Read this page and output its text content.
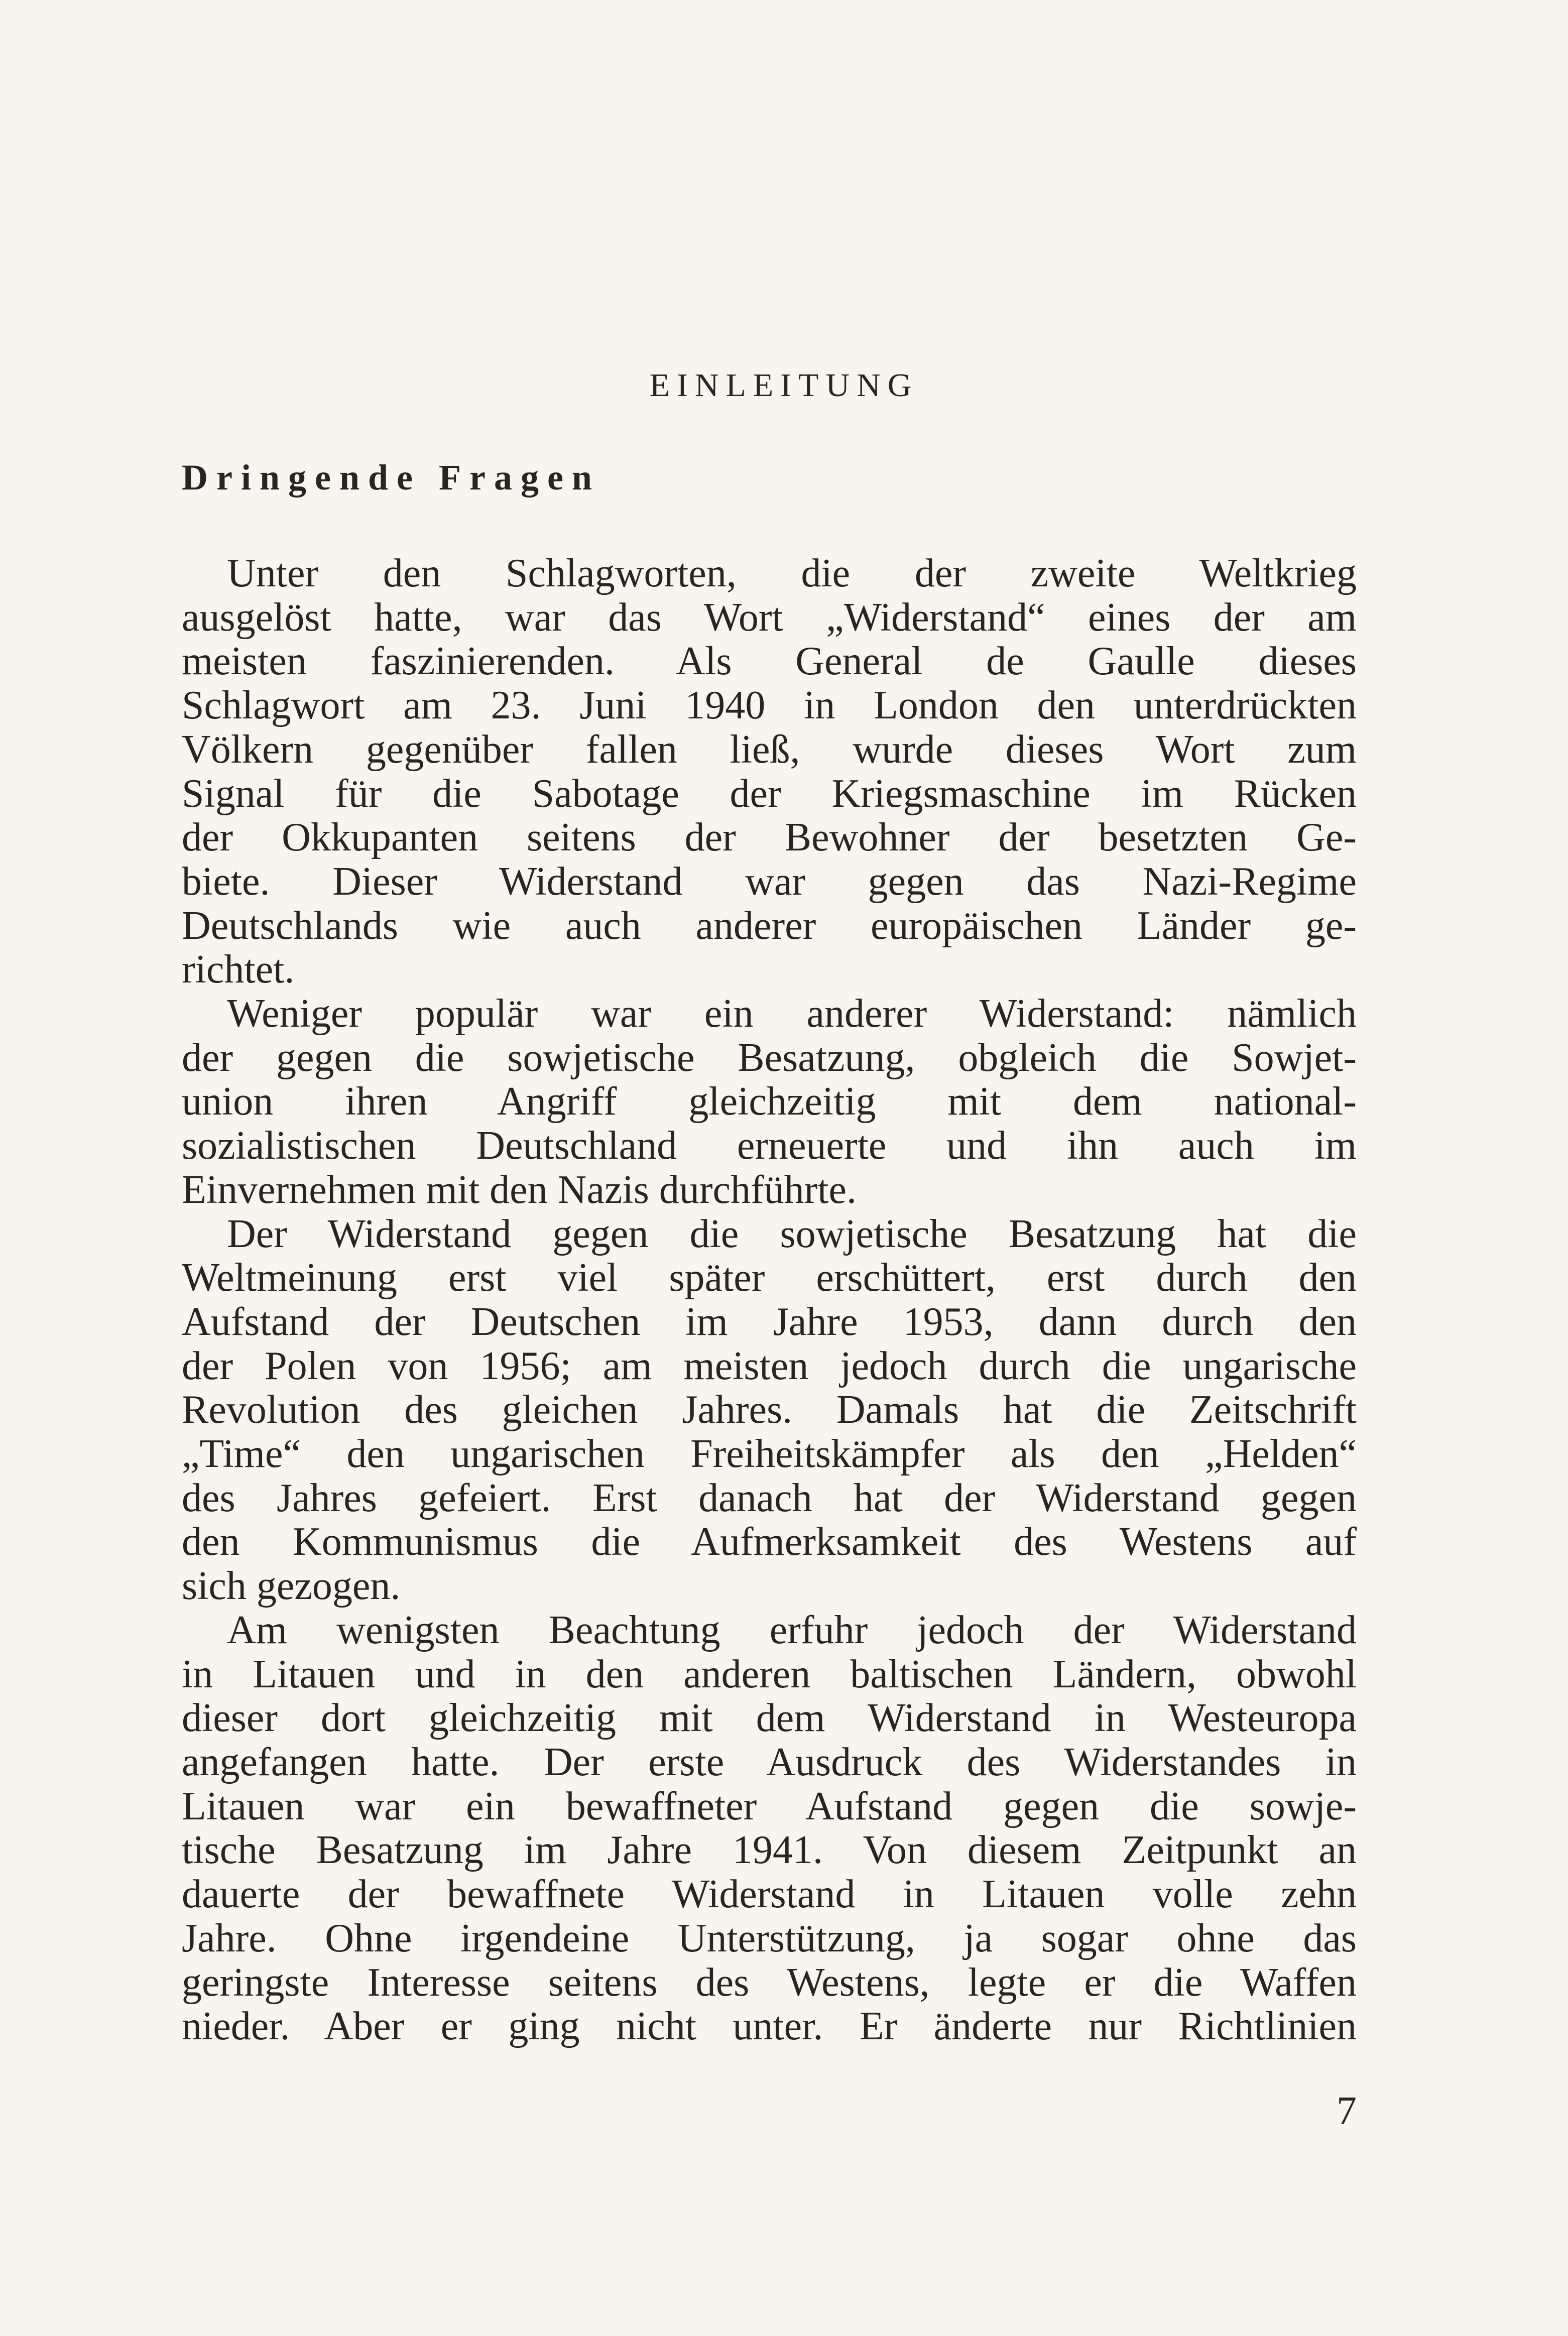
EINLEITUNG
Dringende Fragen
Unter den Schlagworten, die der zweite Weltkrieg
ausgelöst hatte, war das Wort „Widerstand“ eines der am
meisten faszinierenden. Als General de Gaulle dieses
Schlagwort am 23. Juni 1940 in London den unterdrückten
Völkern gegenüber fallen ließ, wurde dieses Wort zum
Signal für die Sabotage der Kriegsmaschine im Rücken
der Okkupanten seitens der Bewohner der besetzten Ge-
biete. Dieser Widerstand war gegen das Nazi-Regime
Deutschlands wie auch anderer europäischen Länder ge-
richtet.
Weniger populär war ein anderer Widerstand: nämlich
der gegen die sowjetische Besatzung, obgleich die Sowjet-
union ihren Angriff gleichzeitig mit dem national-
sozialistischen Deutschland erneuerte und ihn auch im
Einvernehmen mit den Nazis durchführte.
Der Widerstand gegen die sowjetische Besatzung hat die
Weltmeinung erst viel später erschüttert, erst durch den
Aufstand der Deutschen im Jahre 1953, dann durch den
der Polen von 1956; am meisten jedoch durch die ungarische
Revolution des gleichen Jahres. Damals hat die Zeitschrift
„Time“ den ungarischen Freiheitskämpfer als den „Helden“
des Jahres gefeiert. Erst danach hat der Widerstand gegen
den Kommunismus die Aufmerksamkeit des Westens auf
sich gezogen.
Am wenigsten Beachtung erfuhr jedoch der Widerstand
in Litauen und in den anderen baltischen Ländern, obwohl
dieser dort gleichzeitig mit dem Widerstand in Westeuropa
angefangen hatte. Der erste Ausdruck des Widerstandes in
Litauen war ein bewaffneter Aufstand gegen die sowje-
tische Besatzung im Jahre 1941. Von diesem Zeitpunkt an
dauerte der bewaffnete Widerstand in Litauen volle zehn
Jahre. Ohne irgendeine Unterstützung, ja sogar ohne das
geringste Interesse seitens des Westens, legte er die Waffen
nieder. Aber er ging nicht unter. Er änderte nur Richtlinien
7
